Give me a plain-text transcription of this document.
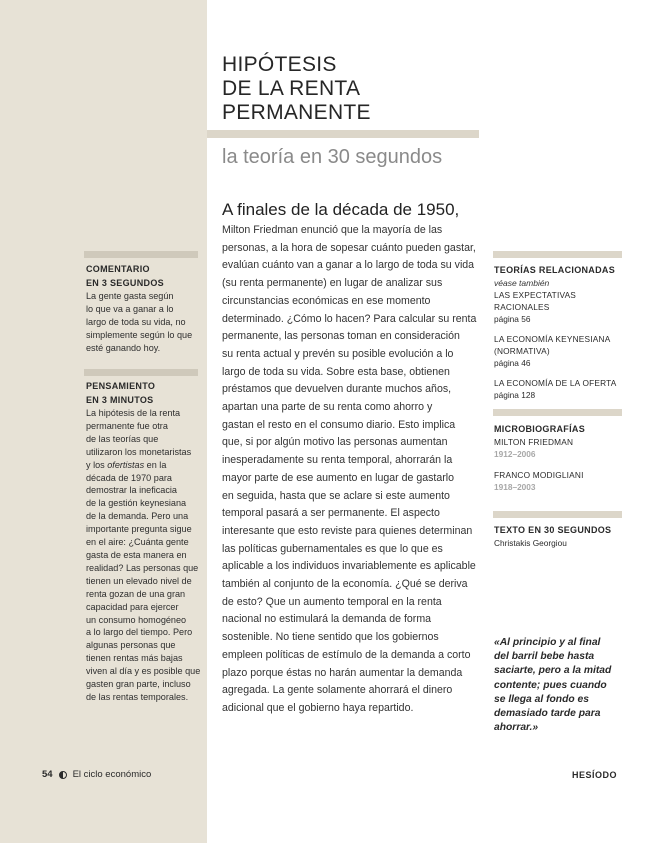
HIPÓTESIS
DE LA RENTA
PERMANENTE
la teoría en 30 segundos
A finales de la década de 1950,
Milton Friedman enunció que la mayoría de las
personas, a la hora de sopesar cuánto pueden gastar,
evalúan cuánto van a ganar a lo largo de toda su vida
(su renta permanente) en lugar de analizar sus
circunstancias económicas en ese momento
determinado. ¿Cómo lo hacen? Para calcular su renta
permanente, las personas toman en consideración
su renta actual y prevén su posible evolución a lo
largo de toda su vida. Sobre esta base, obtienen
préstamos que devuelven durante muchos años,
apartan una parte de su renta como ahorro y
gastan el resto en el consumo diario. Esto implica
que, si por algún motivo las personas aumentan
inesperadamente su renta temporal, ahorrarán la
mayor parte de ese aumento en lugar de gastarlo
en seguida, hasta que se aclare si este aumento
temporal pasará a ser permanente. El aspecto
interesante que esto reviste para quienes determinan
las políticas gubernamentales es que lo que es
aplicable a los individuos invariablemente es aplicable
también al conjunto de la economía. ¿Qué se deriva
de esto? Que un aumento temporal en la renta
nacional no estimulará la demanda de forma
sostenible. No tiene sentido que los gobiernos
empleen políticas de estímulo de la demanda a corto
plazo porque éstas no harán aumentar la demanda
agregada. La gente solamente ahorrará el dinero
adicional que el gobierno haya repartido.
COMENTARIO
EN 3 SEGUNDOS
La gente gasta según
lo que va a ganar a lo
largo de toda su vida, no
simplemente según lo que
esté ganando hoy.
PENSAMIENTO
EN 3 MINUTOS
La hipótesis de la renta
permanente fue otra
de las teorías que
utilizaron los monetaristas
y los ofertistas en la
década de 1970 para
demostrar la ineficacia
de la gestión keynesiana
de la demanda. Pero una
importante pregunta sigue
en el aire: ¿Cuánta gente
gasta de esta manera en
realidad? Las personas que
tienen un elevado nivel de
renta gozan de una gran
capacidad para ejercer
un consumo homogéneo
a lo largo del tiempo. Pero
algunas personas que
tienen rentas más bajas
viven al día y es posible que
gasten gran parte, incluso
de las rentas temporales.
TEORÍAS RELACIONADAS
véase también
LAS EXPECTATIVAS
RACIONALES
página 56
LA ECONOMÍA KEYNESIANA
(NORMATIVA)
página 46
LA ECONOMÍA DE LA OFERTA
página 128
MICROBIOGRAFÍAS
MILTON FRIEDMAN
1912–2006
FRANCO MODIGLIANI
1918–2003
TEXTO EN 30 SEGUNDOS
Christakis Georgiou
«Al principio y al final
del barril bebe hasta
saciarte, pero a la mitad
contente; pues cuando
se llega al fondo es
demasiado tarde para
ahorrar.»
HESÍODO
54 El ciclo económico
